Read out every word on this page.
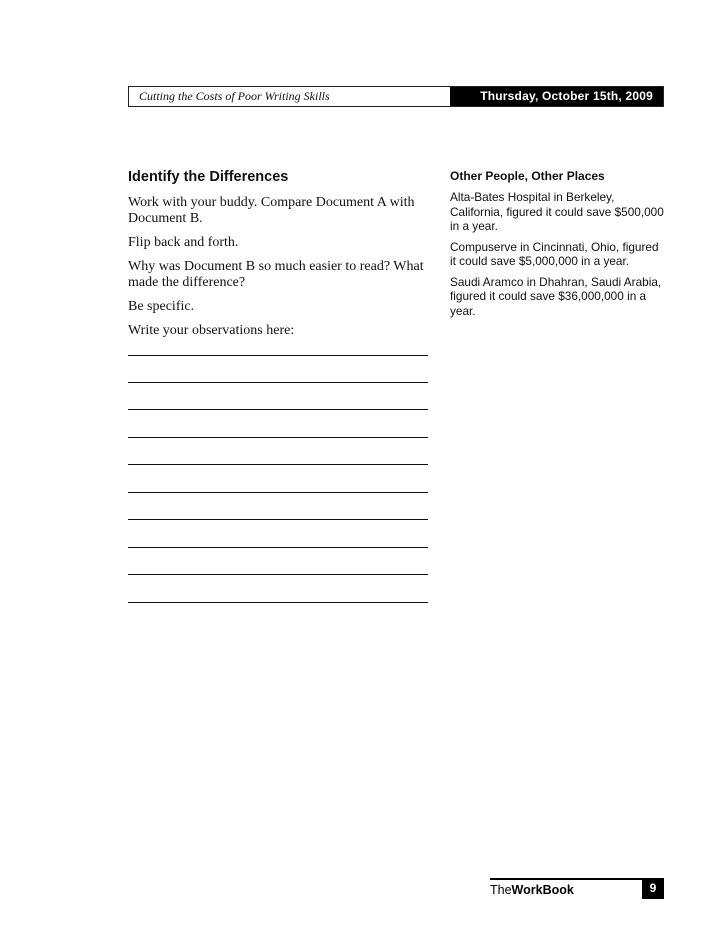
Cutting the Costs of Poor Writing Skills	Thursday, October 15th, 2009
Identify the Differences

Work with your buddy. Compare Document A with Document B.

Flip back and forth.

Why was Document B so much easier to read? What made the difference?

Be specific.

Write your observations here:

Other People, Other Places

Alta-Bates Hospital in Berkeley, California, figured it could save $500,000 in a year.

Compuserve in Cincinnati, Ohio, figured it could save $5,000,000 in a year.

Saudi Aramco in Dhahran, Saudi Arabia, figured it could save $36,000,000 in a year.

TheWorkBook	9
